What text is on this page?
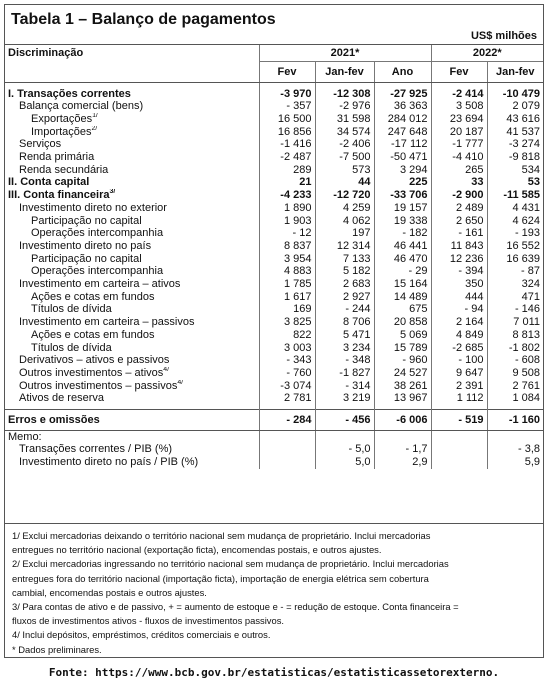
Tabela 1 – Balanço de pagamentos
US$ milhões
Discriminação	2021*			2022*	
	Fev	Jan-fev	Ano	Fev	Jan-fev

I. Transações correntes	-3 970	-12 308	-27 925	-2 414	-10 479
Balança comercial (bens)	- 357	-2 976	36 363	3 508	2 079
Exportações$^{1/}$	16 500	31 598	284 012	23 694	43 616
Importações$^{2/}$	16 856	34 574	247 648	20 187	41 537
Serviços	-1 416	-2 406	-17 112	-1 777	-3 274
Renda primária	-2 487	-7 500	-50 471	-4 410	-9 818
Renda secundária	289	573	3 294	265	534
II. Conta capital	21	44	225	33	53
III. Conta financeira$^{3/}$	-4 233	-12 720	-33 706	-2 900	-11 585
Investimento direto no exterior	1 890	4 259	19 157	2 489	4 431
Participação no capital	1 903	4 062	19 338	2 650	4 624
Operações intercompanhia	- 12	197	- 182	- 161	- 193
Investimento direto no país	8 837	12 314	46 441	11 843	16 552
Participação no capital	3 954	7 133	46 470	12 236	16 639
Operações intercompanhia	4 883	5 182	- 29	- 394	- 87
Investimento em carteira – ativos	1 785	2 683	15 164	350	324
Ações e cotas em fundos	1 617	2 927	14 489	444	471
Títulos de dívida	169	- 244	675	- 94	- 146
Investimento em carteira – passivos	3 825	8 706	20 858	2 164	7 011
Ações e cotas em fundos	822	5 471	5 069	4 849	8 813
Títulos de dívida	3 003	3 234	15 789	-2 685	-1 802
Derivativos – ativos e passivos	- 343	- 348	- 960	- 100	- 608
Outros investimentos – ativos$^{4/}$	- 760	-1 827	24 527	9 647	9 508
Outros investimentos – passivos$^{4/}$	-3 074	- 314	38 261	2 391	2 761
Ativos de reserva	2 781	3 219	13 967	1 112	1 084

Erros e omissões	- 284	- 456	-6 006	- 519	-1 160
Memo:					
Transações correntes / PIB (%)		- 5,0	- 1,7		- 3,8
Investimento direto no país / PIB (%)		5,0	2,9		5,9
1/ Exclui mercadorias deixando o território nacional sem mudança de proprietário. Inclui mercadorias
entregues no território nacional (exportação ficta), encomendas postais, e outros ajustes.
2/ Exclui mercadorias ingressando no território nacional sem mudança de proprietário. Inclui mercadorias
entregues fora do território nacional (importação ficta), importação de energia elétrica sem cobertura
cambial, encomendas postais e outros ajustes.
3/ Para contas de ativo e de passivo, + = aumento de estoque e - = redução de estoque. Conta financeira =
fluxos de investimentos ativos - fluxos de investimentos passivos.
4/ Inclui depósitos, empréstimos, créditos comerciais e outros.
* Dados preliminares.
Fonte: https://www.bcb.gov.br/estatisticas/estatisticassetorexterno.
